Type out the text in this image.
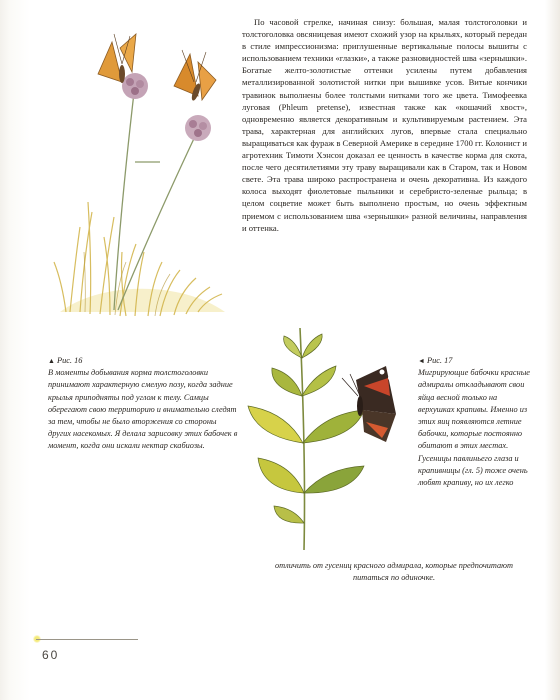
По часовой стрелке, начиная снизу: большая, малая толстоголовки и толстоголовка овсяницевая имеют схожий узор на крыльях, который передан в стиле импрессионизма: приглушенные вертикальные полосы вышиты с использованием техники «глазки», а также разновидностей шва «зернышки». Богатые желто-золотистые оттенки усилены путем добавления металлизированной золотистой нитки при вышивке усов. Витые кончики травинок выполнены более толстыми нитками того же цвета. Тимофеевка луговая (Phleum pretense), известная также как «кошачий хвост», одновременно является декоративным и культивируемым растением. Эта трава, характерная для английских лугов, впервые стала специально выращиваться как фураж в Северной Америке в середине 1700 гг. Колонист и агротехник Тимоти Хэнсон доказал ее ценность в качестве корма для скота, после чего десятилетиями эту траву выращивали как в Старом, так и Новом свете. Эта трава широко распространена и очень декоративна. Из каждого колоса выходят фиолетовые пыльники и серебристо-зеленые рыльца; в целом соцветие может быть выполнено простым, но очень эффектным приемом с использованием шва «зернышки» разной величины, направления и оттенка.

▲ Рис. 16
В моменты добывания корма толстоголовки принимают характерную смелую позу, когда задние крылья приподняты под углом к телу. Самцы оберегают свою территорию и внимательно следят за тем, чтобы не было вторжения со стороны других насекомых. Я делала зарисовку этих бабочек в момент, когда они искали нектар скабиозы.

◄ Рис. 17
Мигрирующие бабочки красные адмиралы откладывают свои яйца весной только на верхушках крапивы. Именно из этих яиц появляются летние бабочки, которые постоянно обитают в этих местах. Гусеницы павлиньего глаза и крапивницы (гл. 5) тоже очень любят крапиву, но их легко

отличить от гусениц красного адмирала, которые предпочитают питаться по одиночке.

60
